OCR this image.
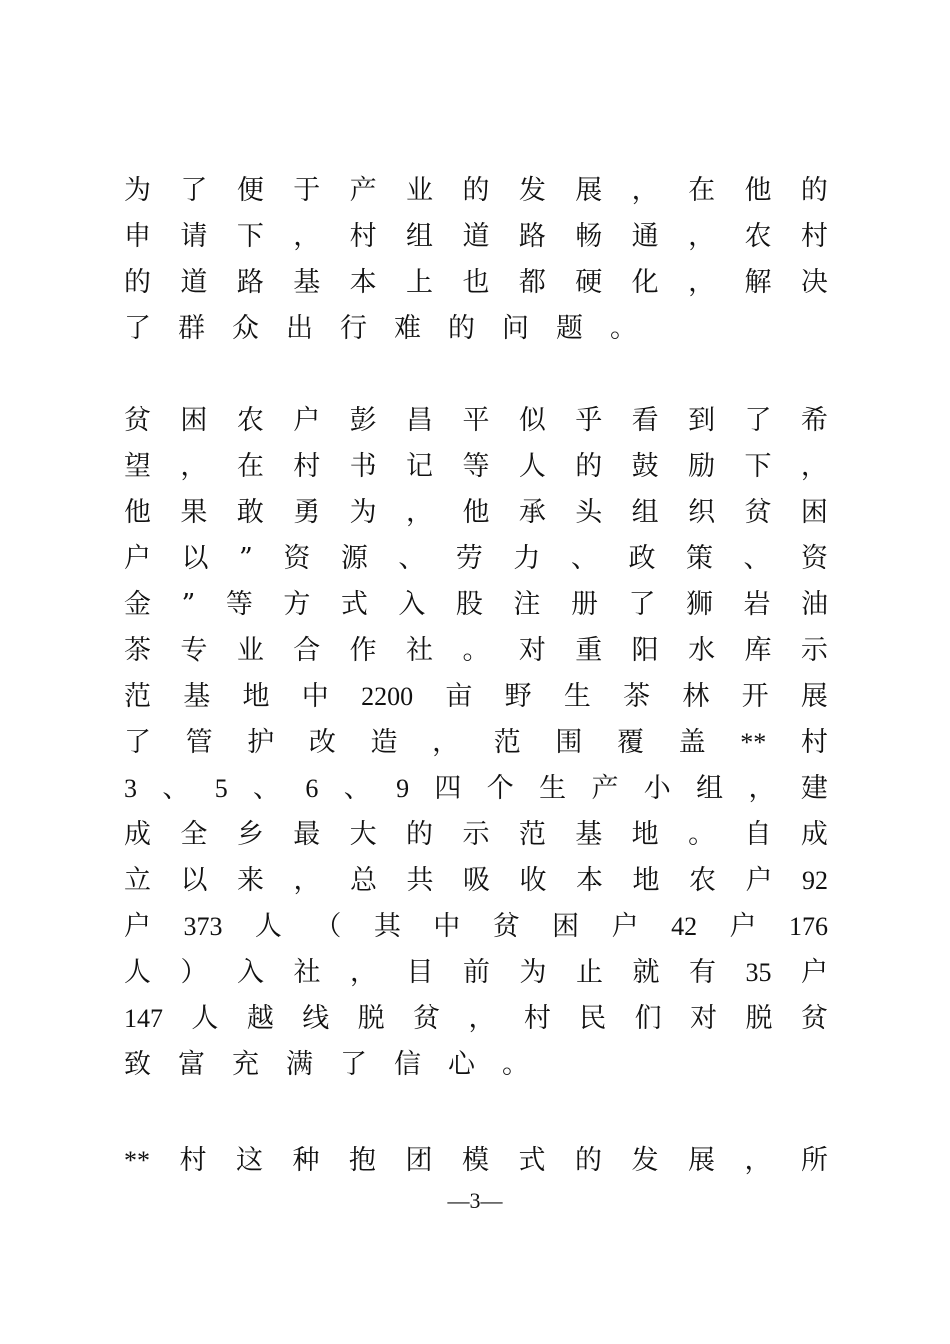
为 了 便 于 产 业 的 发 展 ， 在 他 的
申 请 下 ， 村 组 道 路 畅 通 ， 农 村
的 道 路 基 本 上 也 都 硬 化 ， 解 决
了 群 众 出 行 难 的 问 题 。
贫 困 农 户 彭 昌 平 似 乎 看 到 了 希
望 ， 在 村 书 记 等 人 的 鼓 励 下 ，
他 果 敢 勇 为 ， 他 承 头 组 织 贫 困
户 以 ” 资 源 、 劳 力 、 政 策 、 资
金 ” 等 方 式 入 股 注 册 了 狮 岩 油
茶 专 业 合 作 社 。 对 重 阳 水 库 示
范 基 地 中 2200 亩 野 生 茶 林 开 展
了 管 护 改 造 ， 范 围 覆 盖 ** 村
3 、 5 、 6 、 9 四 个 生 产 小 组 ， 建
成 全 乡 最 大 的 示 范 基 地 。 自 成
立 以 来 ， 总 共 吸 收 本 地 农 户 92
户 373 人 （ 其 中 贫 困 户 42 户 176
人 ） 入 社 ， 目 前 为 止 就 有 35 户
147 人 越 线 脱 贫 ， 村 民 们 对 脱 贫
致 富 充 满 了 信 心 。
** 村 这 种 抱 团 模 式 的 发 展 ， 所
—3—
